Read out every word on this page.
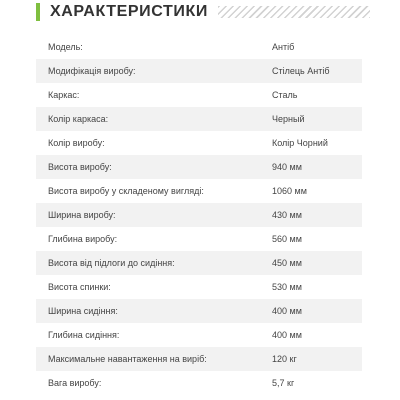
ХАРАКТЕРИСТИКИ
Модель:	Антіб
Модифікація виробу:	Стілець Антіб
Каркас:	Сталь
Колір каркаса:	Черный
Колір виробу:	Колір Чорний
Висота виробу:	940 мм
Висота виробу у складеному вигляді:	1060 мм
Ширина виробу:	430 мм
Глибина виробу:	560 мм
Висота від підлоги до сидіння:	450 мм
Висота спинки:	530 мм
Ширина сидіння:	400 мм
Глибина сидіння:	400 мм
Максимальне навантаження на виріб:	120 кг
Вага виробу:	5,7 кг
